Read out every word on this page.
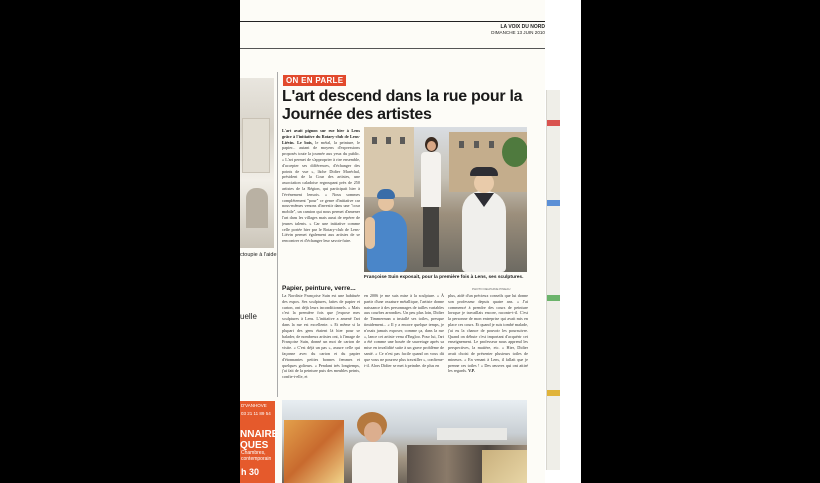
LA VOIX DU NORD
DIMANCHE 13 JUIN 2010
ctoupie à l'aide
uelle
D'VANHOVE
03 21 11 89 54
NNAIRE
QUES
Chambres,
contemporain
h 30
ON EN PARLE
L'art descend dans la rue pour la Journée des artistes
L'art avait pignon sur rue hier à Lens grâce à l'initiative du Rotary-club de Lens-Liévin. Le bois, le métal, la peinture, le papier... autant de moyens d'expressions proposés toute la journée aux yeux du public. « L'art permet de s'approprier à rire ensemble, d'accepter ses différences, d'échanger des points de vue », lâche Didier Maréchal, président de la Cour des artistes, une association caladoise regroupant près de 250 artistes de la Région, qui participait hier à l'événement lensois. « Nous sommes complètement "pour" ce genre d'initiative car nous-mêmes venons d'investir dans une "cour mobile", un camion qui nous permet d'amener l'art dans les villages mais aussi de repérer de jeunes talents. » Car une initiative comme celle portée hier par le Rotary-club de Lens-Liévin permet également aux artistes de se rencontrer et d'échanger leur savoir-faire.
Papier, peinture, verre...
La Nordiste Françoise Suin est une habituée des expos. Ses sculptures, faites de papier et carton, ont déjà leurs inconditionnels. « Mais c'est la première fois que j'expose mes sculptures à Lens. L'initiative a amené l'art dans la rue est excellente. » Et même si la plupart des gens étaient là hier pour se balader, de nombreux artistes ont, à l'image de Françoise Suin, donné un mot de carton de visite. « C'est déjà un pas », assure celle qui façonne avec du carton et du papier d'étonnantes petites bonnes femmes et quelques golieurs. « Pendant très longtemps, j'ai fait de la peinture puis des meubles peints, confie-t-elle, et
en 2006 je me suis mise à la sculpture. » À partir d'une ossature métallique, l'artiste donne naissance à des personnages de tailles variables aux courbes arrondies. Un peu plus loin, Didier de Timmerman a installé ses toiles, presque timidement... « Il y a encore quelque temps, je n'osais jamais exposer, comme ça, dans la rue », lance cet artiste venu d'Engloo. Pour lui, l'art a été comme une bouée de sauvetage après sa mise en invalidité suite à un grave problème de santé. « Ce n'est pas facile quand on vous dit que vous ne pourrez plus travailler », confirme-t-il. Alors Didier se met à peindre. de plus en
plus, aidé d'un précieux conseils que lui donne son professeur depuis quatre ans. « J'ai commencé à prendre des cours de peinture lorsque je travaillais encore, raconte-t-il. C'est la personne de mon entreprise qui avait mis en place ces cours. Et quand je suis tombé malade, j'ai eu la chance de pouvoir les poursuivre. Quand on débute c'est important d'acquérir cet enseignement. Le professeur nous apprend les perspectives, la matière, etc. » Hier, Didier avait choisi de présenter plusieurs toiles de mineurs. « En venant à Lens, il fallait que je prenne ces toiles ! » Des œuvres qui ont attiré les regards. V.P.
Françoise Suin exposait, pour la première fois à Lens, ses sculptures.
PHOTO DELPHINE PINEAU
